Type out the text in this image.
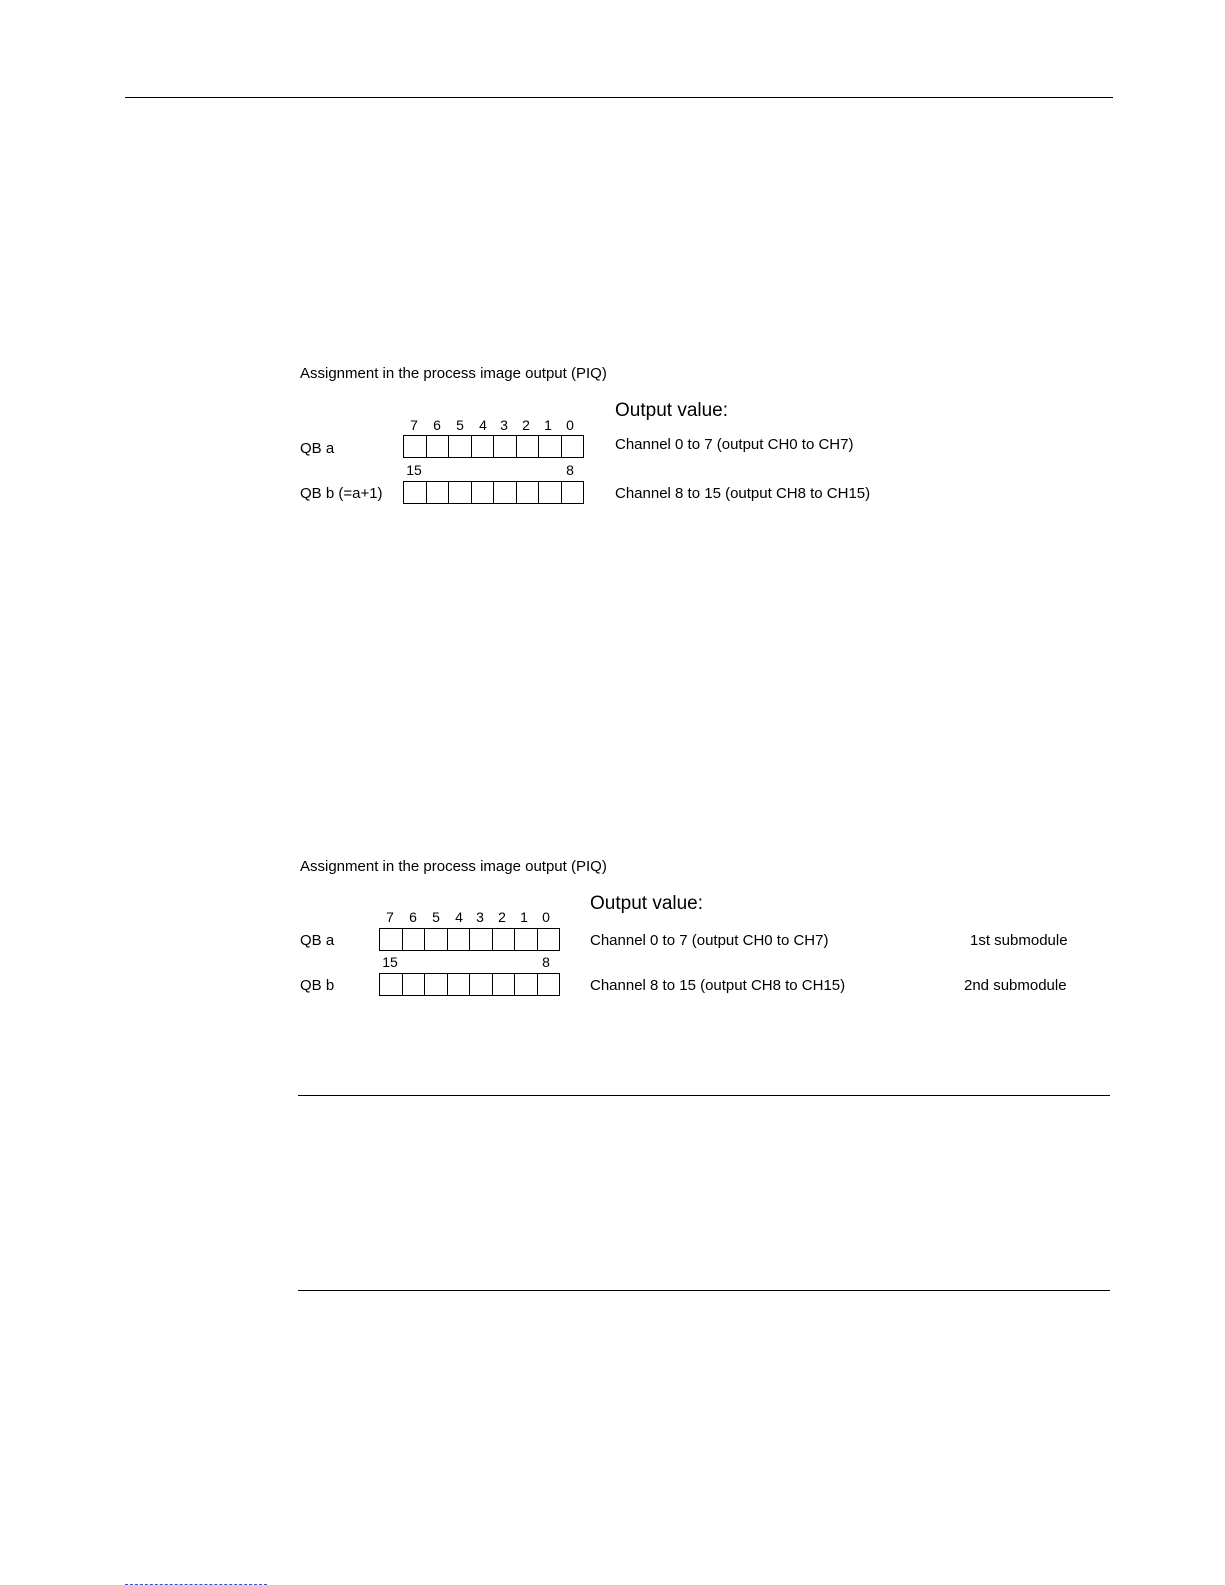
Assignment in the process image output (PIQ)
Output value:
7	6	5	4 3	2	1	0
QB a	Channel 0 to 7 (output CH0 to CH7)
15	8
QB b (=a+1)	Channel 8 to 15 (output CH8 to CH15)
Assignment in the process image output (PIQ)
Output value:
7	6	5	4 3	2	1	0
QB a	Channel 0 to 7 (output CH0 to CH7)	1st submodule
15	8
QB b	Channel 8 to 15 (output CH8 to CH15)	2nd submodule
